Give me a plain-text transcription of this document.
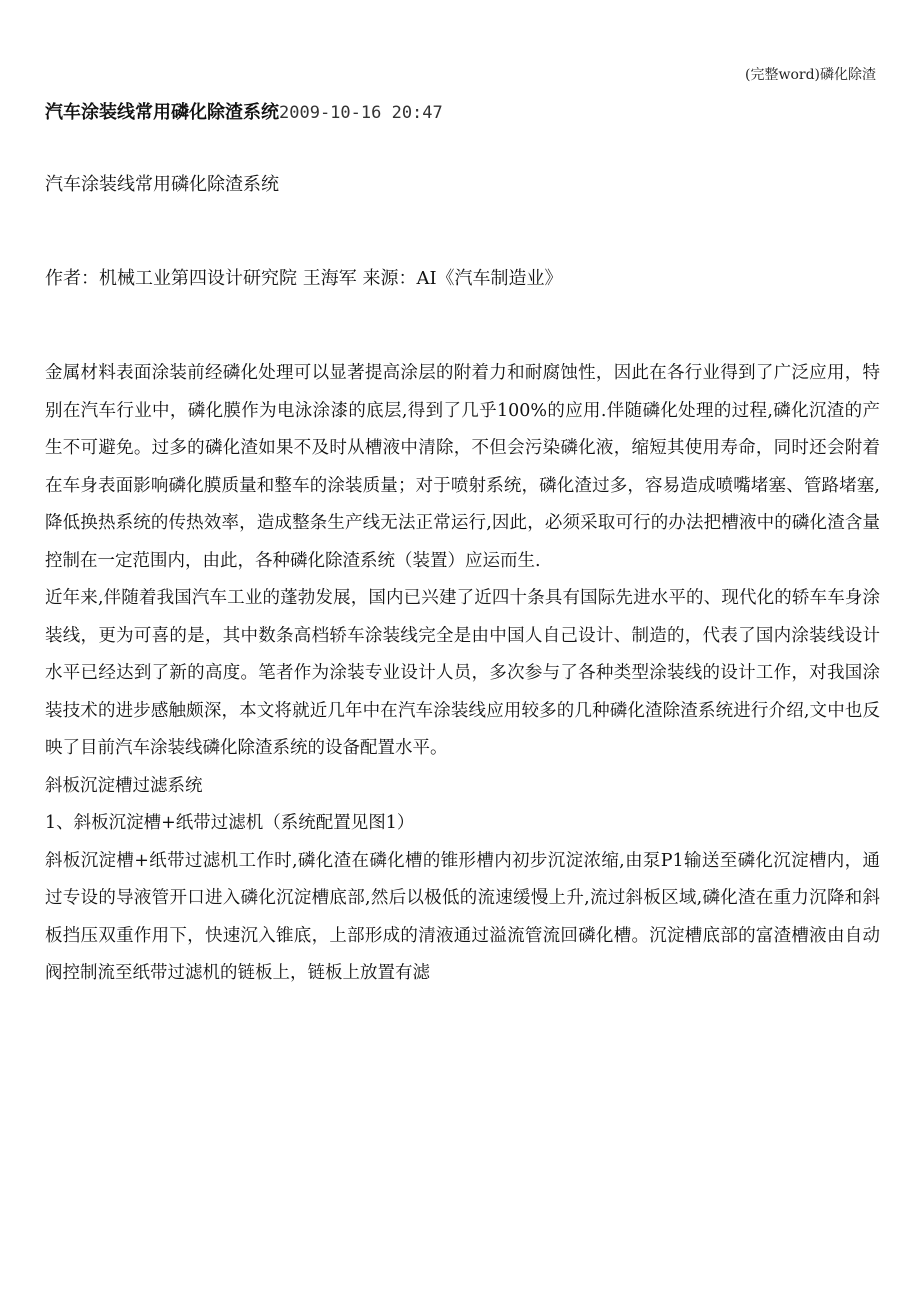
(完整word)磷化除渣
汽车涂装线常用磷化除渣系统2009-10-16 20:47
汽车涂装线常用磷化除渣系统
作者：机械工业第四设计研究院 王海军 来源：AI《汽车制造业》

金属材料表面涂装前经磷化处理可以显著提高涂层的附着力和耐腐蚀性，因此在各行业得到了广泛应用，特别在汽车行业中，磷化膜作为电泳涂漆的底层,得到了几乎100%的应用.伴随磷化处理的过程,磷化沉渣的产生不可避免。过多的磷化渣如果不及时从槽液中清除，不但会污染磷化液，缩短其使用寿命，同时还会附着在车身表面影响磷化膜质量和整车的涂装质量；对于喷射系统，磷化渣过多，容易造成喷嘴堵塞、管路堵塞,降低换热系统的传热效率，造成整条生产线无法正常运行,因此，必须采取可行的办法把槽液中的磷化渣含量控制在一定范围内，由此，各种磷化除渣系统（装置）应运而生.

近年来,伴随着我国汽车工业的蓬勃发展，国内已兴建了近四十条具有国际先进水平的、现代化的轿车车身涂装线，更为可喜的是，其中数条高档轿车涂装线完全是由中国人自己设计、制造的，代表了国内涂装线设计水平已经达到了新的高度。笔者作为涂装专业设计人员，多次参与了各种类型涂装线的设计工作，对我国涂装技术的进步感触颇深，本文将就近几年中在汽车涂装线应用较多的几种磷化渣除渣系统进行介绍,文中也反映了目前汽车涂装线磷化除渣系统的设备配置水平。

斜板沉淀槽过滤系统

1、斜板沉淀槽+纸带过滤机（系统配置见图1）

斜板沉淀槽+纸带过滤机工作时,磷化渣在磷化槽的锥形槽内初步沉淀浓缩,由泵P1输送至磷化沉淀槽内，通过专设的导液管开口进入磷化沉淀槽底部,然后以极低的流速缓慢上升,流过斜板区域,磷化渣在重力沉降和斜板挡压双重作用下，快速沉入锥底，上部形成的清液通过溢流管流回磷化槽。沉淀槽底部的富渣槽液由自动阀控制流至纸带过滤机的链板上，链板上放置有滤
